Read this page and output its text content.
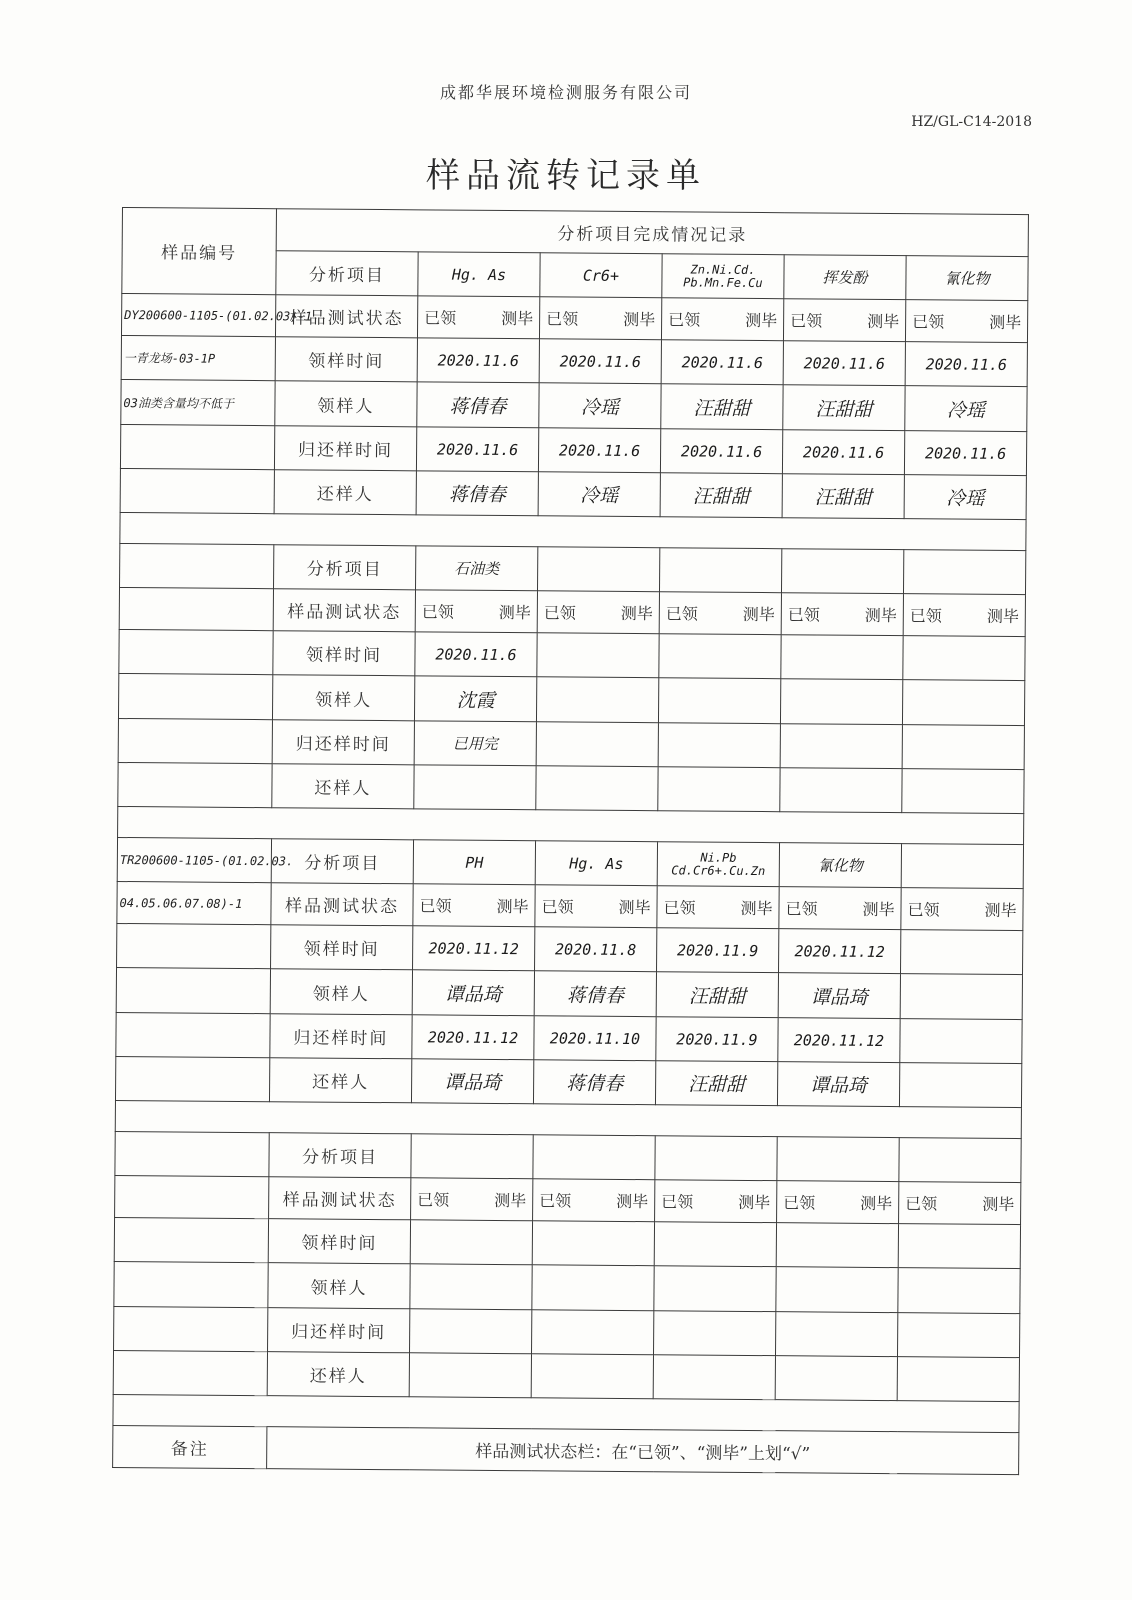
成都华展环境检测服务有限公司
HZ/GL-C14-2018
样品流转记录单
样品编号	分析项目完成情况记录					
	分析项目	Hg. As	Cr6+	Zn.Ni.Cd. Pb.Mn.Fe.Cu	挥发酚	氰化物
DY200600-1105-(01.02.03)-1	样品测试状态	已领 测毕	已领 测毕	已领 测毕	已领 测毕	已领 测毕

一青龙场-03-1P	领样时间	2020.11.6	2020.11.6	2020.11.6	2020.11.6	2020.11.6
03油类含量均不低于	领样人	蒋倩春	冷瑶	汪甜甜	汪甜甜	冷瑶
	归还样时间	2020.11.6	2020.11.6	2020.11.6	2020.11.6	2020.11.6
	还样人	蒋倩春	冷瑶	汪甜甜	汪甜甜	冷瑶

	分析项目	石油类				
	样品测试状态	已领 测毕	已领 测毕	已领 测毕	已领 测毕	已领 测毕

	领样时间	2020.11.6				
	领样人	沈霞				
	归还样时间	已用完				
	还样人					

TR200600-1105-(01.02.03.	分析项目	PH	Hg. As	Ni.Pb Cd.Cr6+.Cu.Zn	氰化物	
04.05.06.07.08)-1	样品测试状态	已领 测毕	已领 测毕	已领 测毕	已领 测毕	已领 测毕

	领样时间	2020.11.12	2020.11.8	2020.11.9	2020.11.12	
	领样人	谭品琦	蒋倩春	汪甜甜	谭品琦	
	归还样时间	2020.11.12	2020.11.10	2020.11.9	2020.11.12	
	还样人	谭品琦	蒋倩春	汪甜甜	谭品琦	

	分析项目					
	样品测试状态	已领 测毕	已领 测毕	已领 测毕	已领 测毕	已领 测毕

	领样时间					
	领样人					
	归还样时间					
	还样人					

备注	样品测试状态栏：在“已领”、“测毕”上划“√”					
